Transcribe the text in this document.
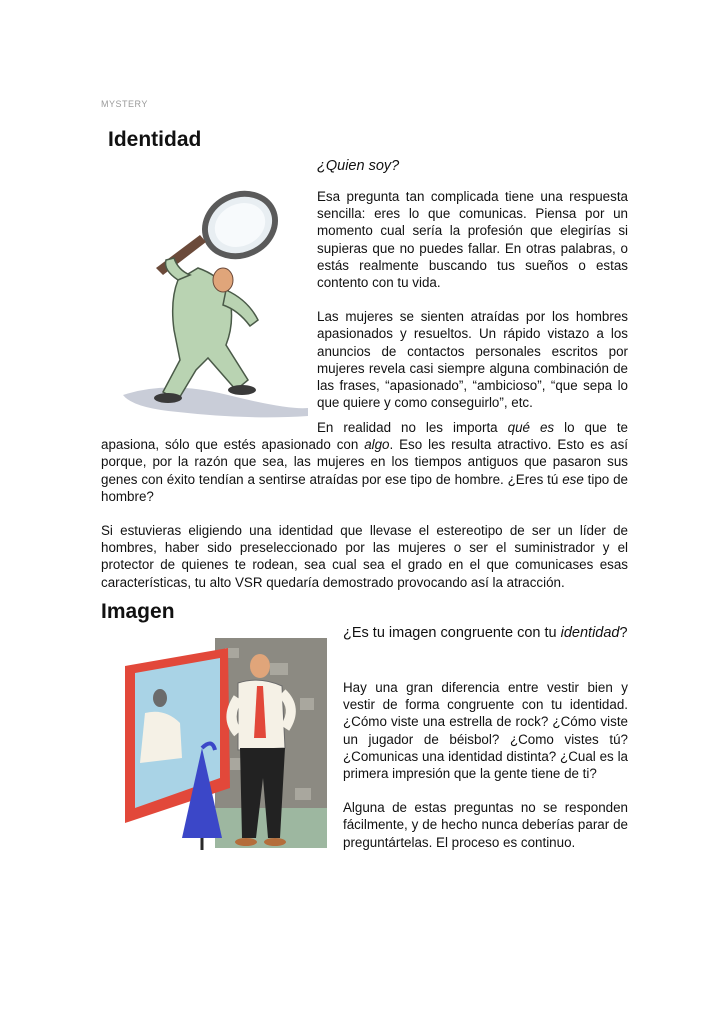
MYSTERY
Identidad

¿Quien soy?

Esa pregunta tan complicada tiene una respuesta sencilla: eres lo que comunicas. Piensa por un momento cual sería la profesión que elegirías si supieras que no puedes fallar. En otras palabras, o estás realmente buscando tus sueños o estas contento con tu vida.

Las mujeres se sienten atraídas por los hombres apasionados y resueltos. Un rápido vistazo a los anuncios de contactos personales escritos por mujeres revela casi siempre alguna combinación de las frases, “apasionado”, “ambicioso”, “que sepa lo que quiere y como conseguirlo”, etc.

En realidad no les importa qué es lo que te apasiona, sólo que estés apasionado con algo. Eso les resulta atractivo. Esto es así porque, por la razón que sea, las mujeres en los tiempos antiguos que pasaron sus genes con éxito tendían a sentirse atraídas por ese tipo de hombre. ¿Eres tú ese tipo de hombre?

Si estuvieras eligiendo una identidad que llevase el estereotipo de ser un líder de hombres, haber sido preseleccionado por las mujeres o ser el suministrador y el protector de quienes te rodean, sea cual sea el grado en el que comunicases esas características, tu alto VSR quedaría demostrado provocando así la atracción.

Imagen

¿Es tu imagen congruente con tu identidad?

Hay una gran diferencia entre vestir bien y vestir de forma congruente con tu identidad. ¿Cómo viste una estrella de rock? ¿Cómo viste un jugador de béisbol? ¿Como vistes tú? ¿Comunicas una identidad distinta? ¿Cual es la primera impresión que la gente tiene de ti?

Alguna de estas preguntas no se responden fácilmente, y de hecho nunca deberías parar de preguntártelas. El proceso es continuo.
